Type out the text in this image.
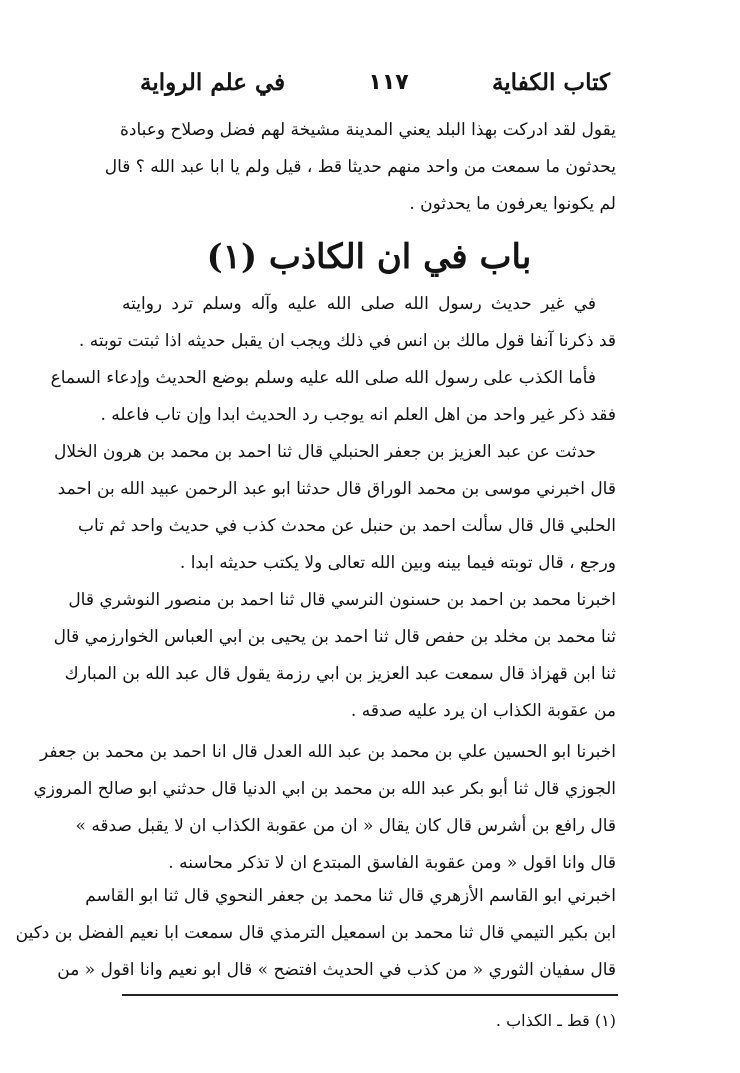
كتاب الكفاية
١١٧
في علم الرواية
يقول لقد ادركت بهذا البلد يعني المدينة مشيخة لهم فضل وصلاح وعبادة
يحدثون ما سمعت من واحد منهم حديثا قط ، قيل ولم يا ابا عبد الله ؟ قال
لم يكونوا يعرفون ما يحدثون .
باب في ان الكاذب (١)
في غير حديث رسول الله صلى الله عليه وآله وسلم ترد روايته
قد ذكرنا آنفا قول مالك بن انس في ذلك ويجب ان يقبل حديثه اذا ثبتت توبته .
فأما الكذب على رسول الله صلى الله عليه وسلم بوضع الحديث وإدعاء السماع
فقد ذكر غير واحد من اهل العلم انه يوجب رد الحديث ابدا وإن تاب فاعله .
حدثت عن عبد العزيز بن جعفر الحنبلي قال ثنا احمد بن محمد بن هرون الخلال
قال اخبرني موسى بن محمد الوراق قال حدثنا ابو عبد الرحمن عبيد الله بن احمد
الحلبي قال قال سألت احمد بن حنبل عن محدث كذب في حديث واحد ثم تاب
ورجع ، قال توبته فيما بينه وبين الله تعالى ولا يكتب حديثه ابدا .
اخبرنا محمد بن احمد بن حسنون النرسي قال ثنا احمد بن منصور النوشري قال
ثنا محمد بن مخلد بن حفص قال ثنا احمد بن يحيى بن ابي العباس الخوارزمي قال
ثنا ابن قهزاذ قال سمعت عبد العزيز بن ابي رزمة يقول قال عبد الله بن المبارك
من عقوبة الكذاب ان يرد عليه صدقه .
اخبرنا ابو الحسين علي بن محمد بن عبد الله العدل قال انا احمد بن محمد بن جعفر
الجوزي قال ثنا أبو بكر عبد الله بن محمد بن ابي الدنيا قال حدثني ابو صالح المروزي
قال رافع بن أشرس قال كان يقال « ان من عقوبة الكذاب ان لا يقبل صدقه »
قال وانا اقول « ومن عقوبة الفاسق المبتدع ان لا تذكر محاسنه .
اخبرني ابو القاسم الأزهري قال ثنا محمد بن جعفر النحوي قال ثنا ابو القاسم
ابن بكير التيمي قال ثنا محمد بن اسمعيل الترمذي قال سمعت ابا نعيم الفضل بن دكين
قال سفيان الثوري « من كذب في الحديث افتضح » قال ابو نعيم وانا اقول « من
(١) قط ـ الكذاب .
